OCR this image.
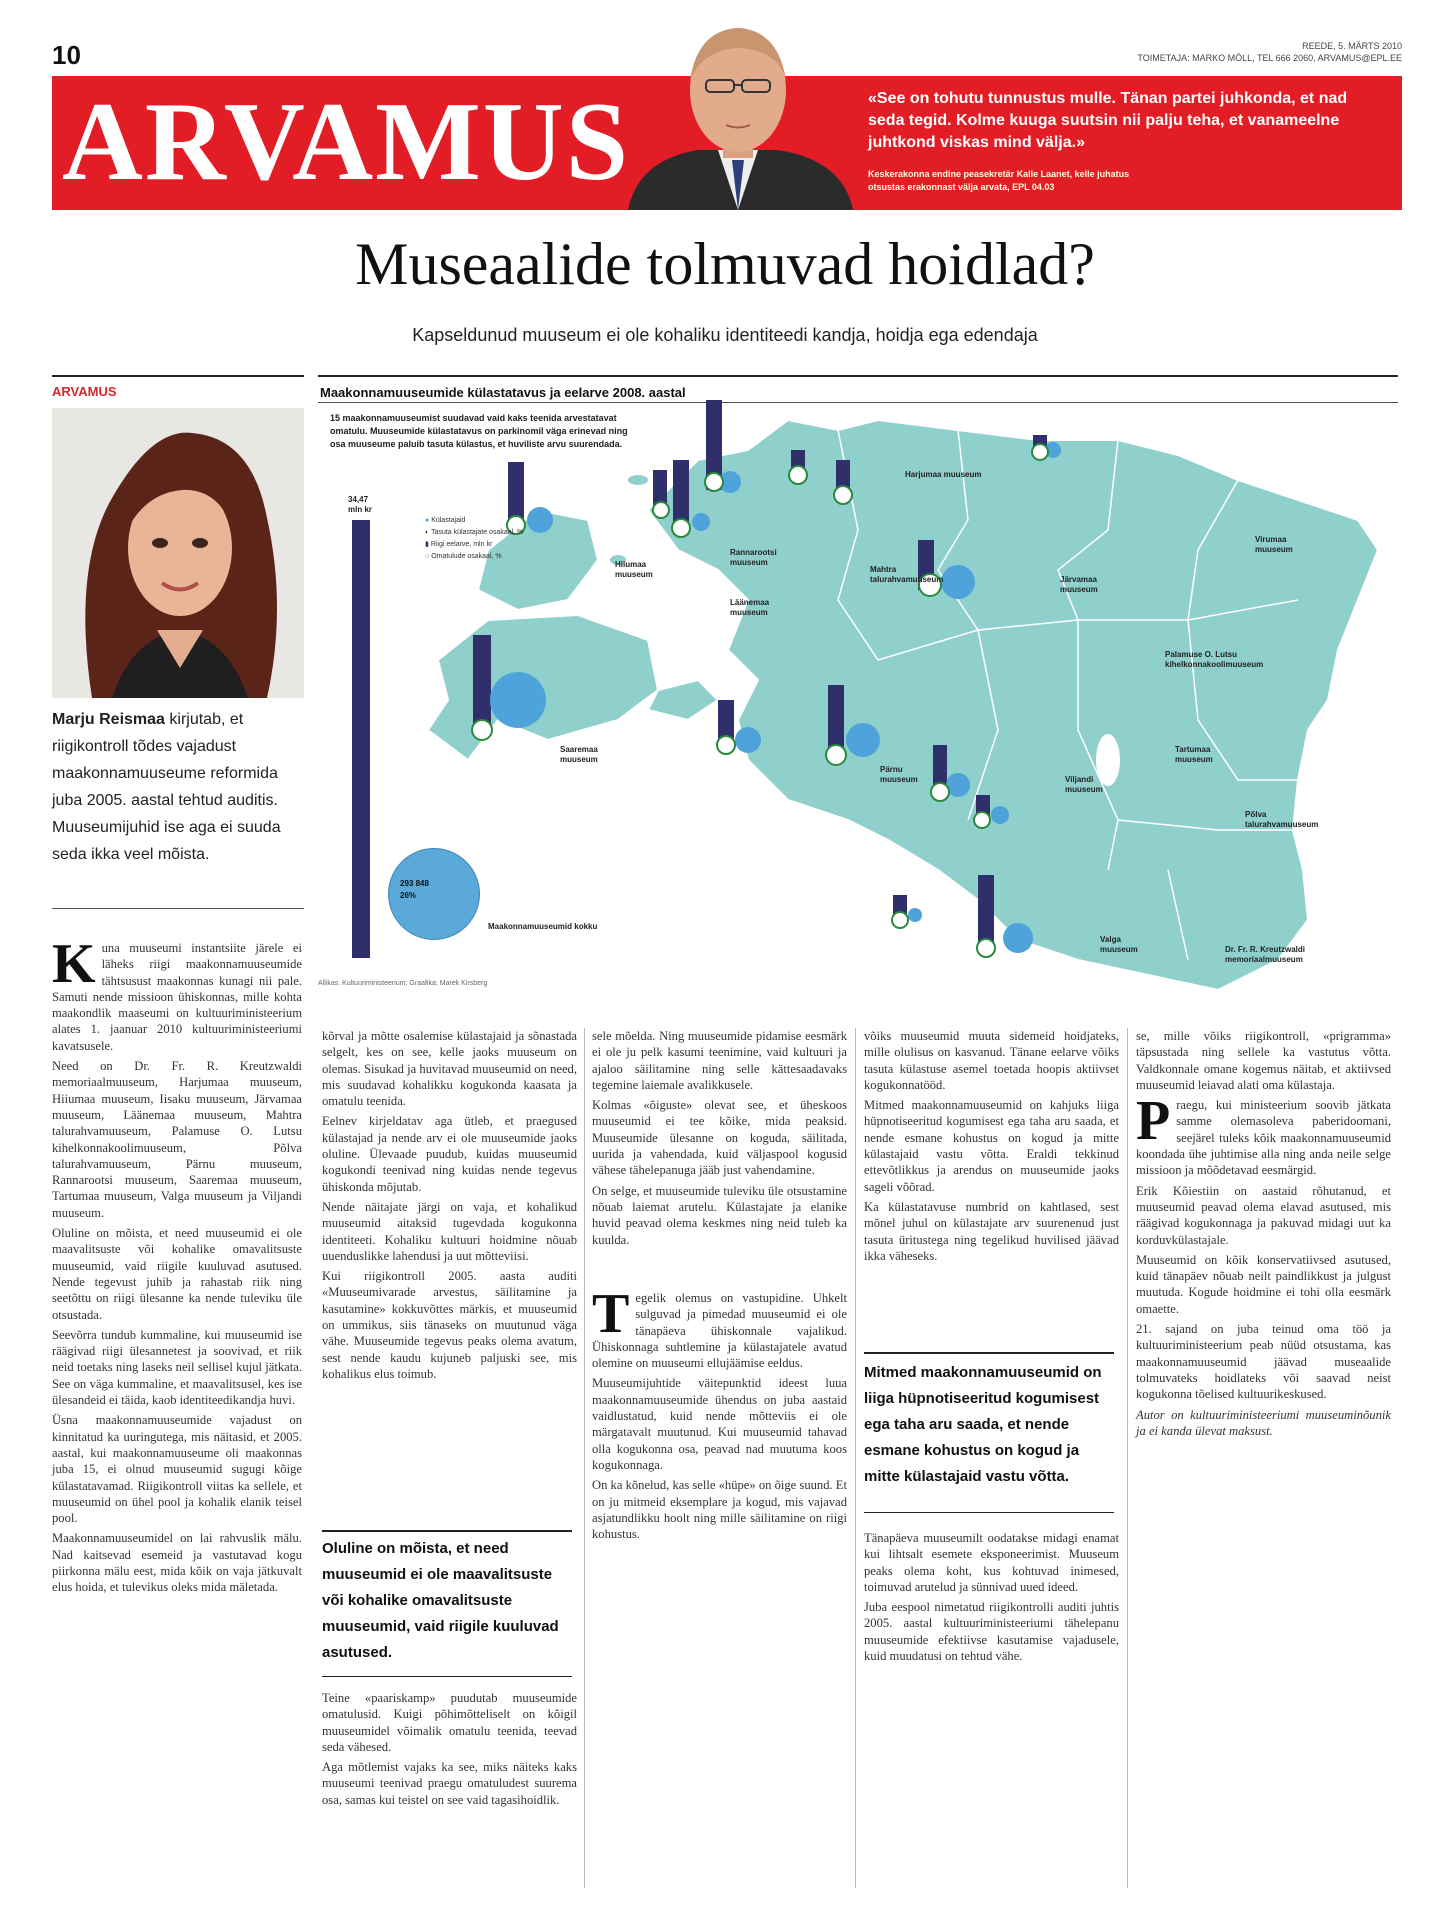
10	REEDE, 5. MÄRTS 2010
TOIMETAJA: MARKO MÖLL, TEL 666 2060, ARVAMUS@EPL.EE
ARVAMUS	«See on tohutu tunnustus mulle. Tänan partei juhkonda, et nad seda tegid. Kolme kuuga suutsin nii palju teha, et vanameelne juhtkond viskas mind välja.»
Keskerakonna endine peasekretär Kalle Laanet, kelle juhatus
otsustas erakonnast välja arvata, EPL 04.03
Museaalide tolmuvad hoidlad?
Kapseldunud muuseum ei ole kohaliku identiteedi kandja, hoidja ega edendaja
ARVAMUS
Marju Reismaa kirjutab, et riigikontroll tõdes vajadust maakonnamuuseume reformida juba 2005. aastal tehtud auditis. Muuseumijuhid ise aga ei suuda seda ikka veel mõista.
Maakonnamuuseumide külastatavus ja eelarve 2008. aastal
15 maakonnamuuseumist suudavad vaid kaks teenida arvestatavat omatulu. Muuseumide külastatavus on parkinomil väga erinevad ning osa muuseume paluib tasuta külastus, et huviliste arvu suurendada.
34,47
mln kr
● Külastajaid
◐ Tasuta külastajate osakaal, %
▮ Riigi eelarve, mln kr
○ Omatulude osakaal, %
293 848
26%
Maakonnamuuseumid kokku
Allikas: Kultuuriministeerium; Graafika: Marek Kirsberg
Hiiumaa muuseum
Rannarootsi muuseum
Läänemaa muuseum
Harjumaa muuseum
Mahtra talurahvamuuseum	Järvamaa muuseum
Virumaa muuseum
Palamuse O. Lutsu kihelkonnakoolimuuseum
Saaremaa muuseum
Pärnu muuseum	Viljandi muuseum
Tartumaa muuseum
Põlva talurahvamuuseum
Valga muuseum	Dr. Fr. R. Kreutzwaldi memoriaalmuuseum
K una muuseumi instantsiite järele ei läheks riigi maakonnamuuseumide tähtsusust maakonnas kunagi nii pale. Samuti nende missioon ühiskonnas, mille kohta maakondlik maaseumi on kultuuriministeerium alates 1. jaanuar 2010 kultuuriministeeriumi kavatsusele.

Need on Dr. Fr. R. Kreutzwaldi memoriaalmuuseum, Harjumaa muuseum, Hiiumaa muuseum, Iisaku muuseum, Järvamaa muuseum, Läänemaa muuseum, Mahtra talurahvamuuseum, Palamuse O. Lutsu kihelkonnakoolimuuseum, Põlva talurahvamuuseum, Pärnu muuseum, Rannarootsi muuseum, Saaremaa muuseum, Tartumaa muuseum, Valga muuseum ja Viljandi muuseum.

Oluline on mõista, et need muuseumid ei ole maavalitsuste või kohalike omavalitsuste muuseumid, vaid riigile kuuluvad asutused. Nende tegevust juhib ja rahastab riik ning seetõttu on riigi ülesanne ka nende tuleviku üle otsustada.

Seevõrra tundub kummaline, kui muuseumid ise räägivad riigi ülesannetest ja soovivad, et riik neid toetaks ning laseks neil sellisel kujul jätkata. See on väga kummaline, et maavalitsusel, kes ise ülesandeid ei täida, kaob identiteedikandja huvi.

Üsna maakonnamuuseumide vajadust on kinnitatud ka uuringutega, mis näitasid, et 2005. aastal, kui maakonnamuuseume oli maakonnas juba 15, ei olnud muuseumid sugugi kõige külastatavamad. Riigikontroll viitas ka sellele, et muuseumid on ühel pool ja kohalik elanik teisel pool.

Maakonnamuuseumidel on lai rahvuslik mälu. Nad kaitsevad esemeid ja vastutavad kogu piirkonna mälu eest, mida kõik on vaja jätkuvalt elus hoida, et tulevikus oleks mida mäletada.

kõrval ja mõtte osalemise külastajaid ja sõnastada selgelt, kes on see, kelle jaoks muuseum on olemas. Sisukad ja huvitavad muuseumid on need, mis suudavad kohalikku kogukonda kaasata ja omatulu teenida.

Eelnev kirjeldatav aga ütleb, et praegused külastajad ja nende arv ei ole muuseumide jaoks oluline. Ülevaade puudub, kuidas muuseumid kogukondi teenivad ning kuidas nende tegevus ühiskonda mõjutab.

Nende näitajate järgi on vaja, et kohalikud muuseumid aitaksid tugevdada kogukonna identiteeti. Kohaliku kultuuri hoidmine nõuab uuenduslikke lahendusi ja uut mõtteviisi.

Kui riigikontroll 2005. aasta auditi «Muuseumivarade arvestus, säilitamine ja kasutamine» kokkuvõttes märkis, et muuseumid on ummikus, siis tänaseks on muutunud väga vähe. Muuseumide tegevus peaks olema avatum, sest nende kaudu kujuneb paljuski see, mis kohalikus elus toimub.

Oluline on mõista, et need muuseumid ei ole maavalitsuste või kohalike omavalitsuste muuseumid, vaid riigile kuuluvad asutused.

Teine «paariskamp» puudutab muuseumide omatulusid. Kuigi põhimõtteliselt on kõigil muuseumidel võimalik omatulu teenida, teevad seda vähesed.

Aga mõtlemist vajaks ka see, miks näiteks kaks muuseumi teenivad praegu omatuludest suurema osa, samas kui teistel on see vaid tagasihoidlik.

sele mõelda. Ning muuseumide pidamise eesmärk ei ole ju pelk kasumi teenimine, vaid kultuuri ja ajaloo säilitamine ning selle kättesaadavaks tegemine laiemale avalikkusele.

Kolmas «õiguste» olevat see, et üheskoos muuseumid ei tee kõike, mida peaksid. Muuseumide ülesanne on koguda, säilitada, uurida ja vahendada, kuid väljaspool kogusid vähese tähelepanuga jääb just vahendamine.

On selge, et muuseumide tuleviku üle otsustamine nõuab laiemat arutelu. Külastajate ja elanike huvid peavad olema keskmes ning neid tuleb ka kuulda.

T egelik olemus on vastupidine. Uhkelt sulguvad ja pimedad muuseumid ei ole tänapäeva ühiskonnale vajalikud. Ühiskonnaga suhtlemine ja külastajatele avatud olemine on muuseumi ellujäämise eeldus.

Muuseumijuhtide väitepunktid ideest luua maakonnamuuseumide ühendus on juba aastaid vaidlustatud, kuid nende mõtteviis ei ole märgatavalt muutunud. Kui muuseumid tahavad olla kogukonna osa, peavad nad muutuma koos kogukonnaga.

On ka kõnelud, kas selle «hüpe» on õige suund. Et on ju mitmeid eksemplare ja kogud, mis vajavad asjatundlikku hoolt ning mille säilitamine on riigi kohustus.

võiks muuseumid muuta sidemeid hoidjateks, mille olulisus on kasvanud. Tänane eelarve võiks tasuta külastuse asemel toetada hoopis aktiivset kogukonnatööd.

Mitmed maakonnamuuseumid on kahjuks liiga hüpnotiseeritud kogumisest ega taha aru saada, et nende esmane kohustus on kogud ja mitte külastajaid vastu võtta. Eraldi tekkinud ettevõtlikkus ja arendus on muuseumide jaoks sageli võõrad.

Ka külastatavuse numbrid on kahtlased, sest mõnel juhul on külastajate arv suurenenud just tasuta üritustega ning tegelikud huvilised jäävad ikka väheseks.

Mitmed maakonnamuuseumid on liiga hüpnotiseeritud kogumisest ega taha aru saada, et nende esmane kohustus on kogud ja mitte külastajaid vastu võtta.

Tänapäeva muuseumilt oodatakse midagi enamat kui lihtsalt esemete eksponeerimist. Muuseum peaks olema koht, kus kohtuvad inimesed, toimuvad arutelud ja sünnivad uued ideed.

Juba eespool nimetatud riigikontrolli auditi juhtis 2005. aastal kultuuriministeeriumi tähelepanu muuseumide efektiivse kasutamise vajadusele, kuid muudatusi on tehtud vähe.

se, mille võiks riigikontroll, «prigramma» täpsustada ning sellele ka vastutus võtta. Valdkonnale omane kogemus näitab, et aktiivsed muuseumid leiavad alati oma külastaja.

P raegu, kui ministeerium soovib jätkata samme olemasoleva paberidoomani, seejärel tuleks kõik maakonnamuuseumid koondada ühe juhtimise alla ning anda neile selge missioon ja mõõdetavad eesmärgid.

Erik Kõiestiin on aastaid rõhutanud, et muuseumid peavad olema elavad asutused, mis räägivad kogukonnaga ja pakuvad midagi uut ka korduvkülastajale.

Muuseumid on kõik konservatiivsed asutused, kuid tänapäev nõuab neilt paindlikkust ja julgust muutuda. Kogude hoidmine ei tohi olla eesmärk omaette.

21. sajand on juba teinud oma töö ja kultuuriministeerium peab nüüd otsustama, kas maakonnamuuseumid jäävad museaalide tolmuvateks hoidlateks või saavad neist kogukonna tõelised kultuurikeskused.

Autor on kultuuriministeeriumi muuseuminõunik ja ei kanda ülevat maksust.
